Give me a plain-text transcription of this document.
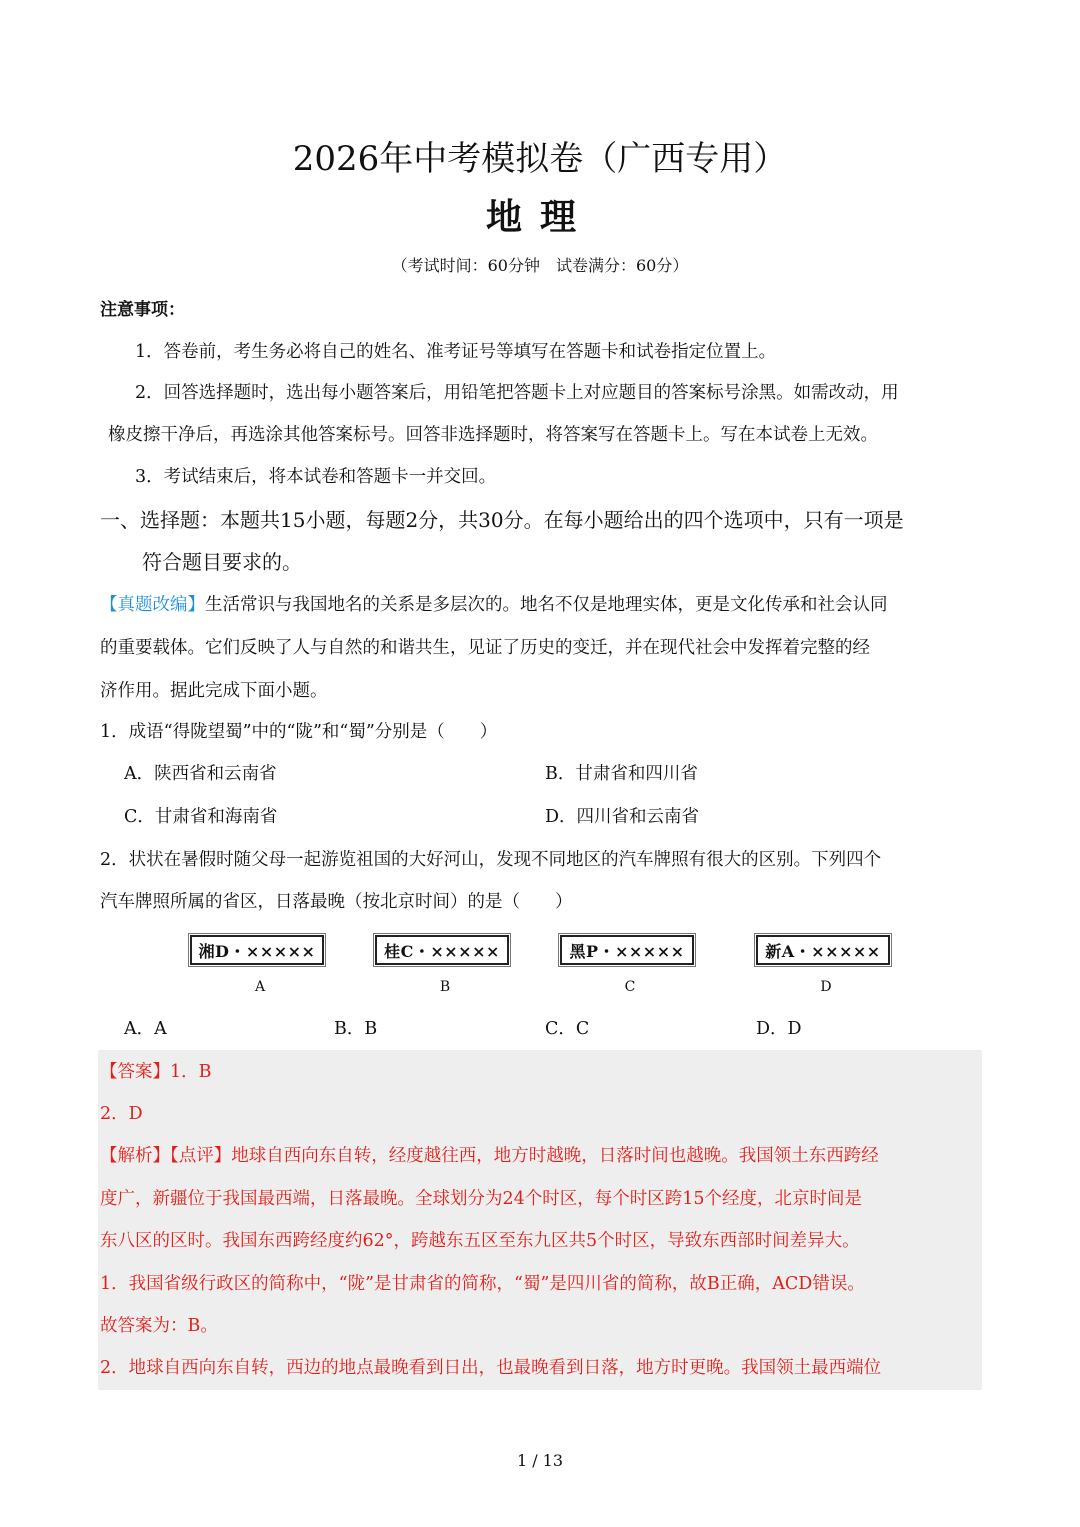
2026年中考模拟卷（广西专用）
地理
（考试时间：60分钟　试卷满分：60分）
注意事项：
1．答卷前，考生务必将自己的姓名、准考证号等填写在答题卡和试卷指定位置上。
2．回答选择题时，选出每小题答案后，用铅笔把答题卡上对应题目的答案标号涂黑。如需改动，用
橡皮擦干净后，再选涂其他答案标号。回答非选择题时，将答案写在答题卡上。写在本试卷上无效。
3．考试结束后，将本试卷和答题卡一并交回。
一、选择题：本题共15小题，每题2分，共30分。在每小题给出的四个选项中，只有一项是
符合题目要求的。
【真题改编】生活常识与我国地名的关系是多层次的。地名不仅是地理实体，更是文化传承和社会认同
的重要载体。它们反映了人与自然的和谐共生，见证了历史的变迁，并在现代社会中发挥着完整的经
济作用。据此完成下面小题。
1．成语“得陇望蜀”中的“陇”和“蜀”分别是（　　）
A．陕西省和云南省	B．甘肃省和四川省
C．甘肃省和海南省	D．四川省和云南省
2．状状在暑假时随父母一起游览祖国的大好河山，发现不同地区的汽车牌照有很大的区别。下列四个
汽车牌照所属的省区，日落最晚（按北京时间）的是（　　）
湘D・×××××
A
桂C・×××××
B
黑P・×××××
C
新A・×××××
D
A．A	B．B	C．C	D．D
【答案】1．B
2．D
【解析】【点评】地球自西向东自转，经度越往西，地方时越晚，日落时间也越晚。我国领土东西跨经
度广，新疆位于我国最西端，日落最晚。全球划分为24个时区，每个时区跨15个经度，北京时间是
东八区的区时。我国东西跨经度约62°，跨越东五区至东九区共5个时区，导致东西部时间差异大。
1．我国省级行政区的简称中，“陇”是甘肃省的简称，“蜀”是四川省的简称，故B正确，ACD错误。
故答案为：B。
2．地球自西向东自转，西边的地点最晚看到日出，也最晚看到日落，地方时更晚。我国领土最西端位
1 / 13
